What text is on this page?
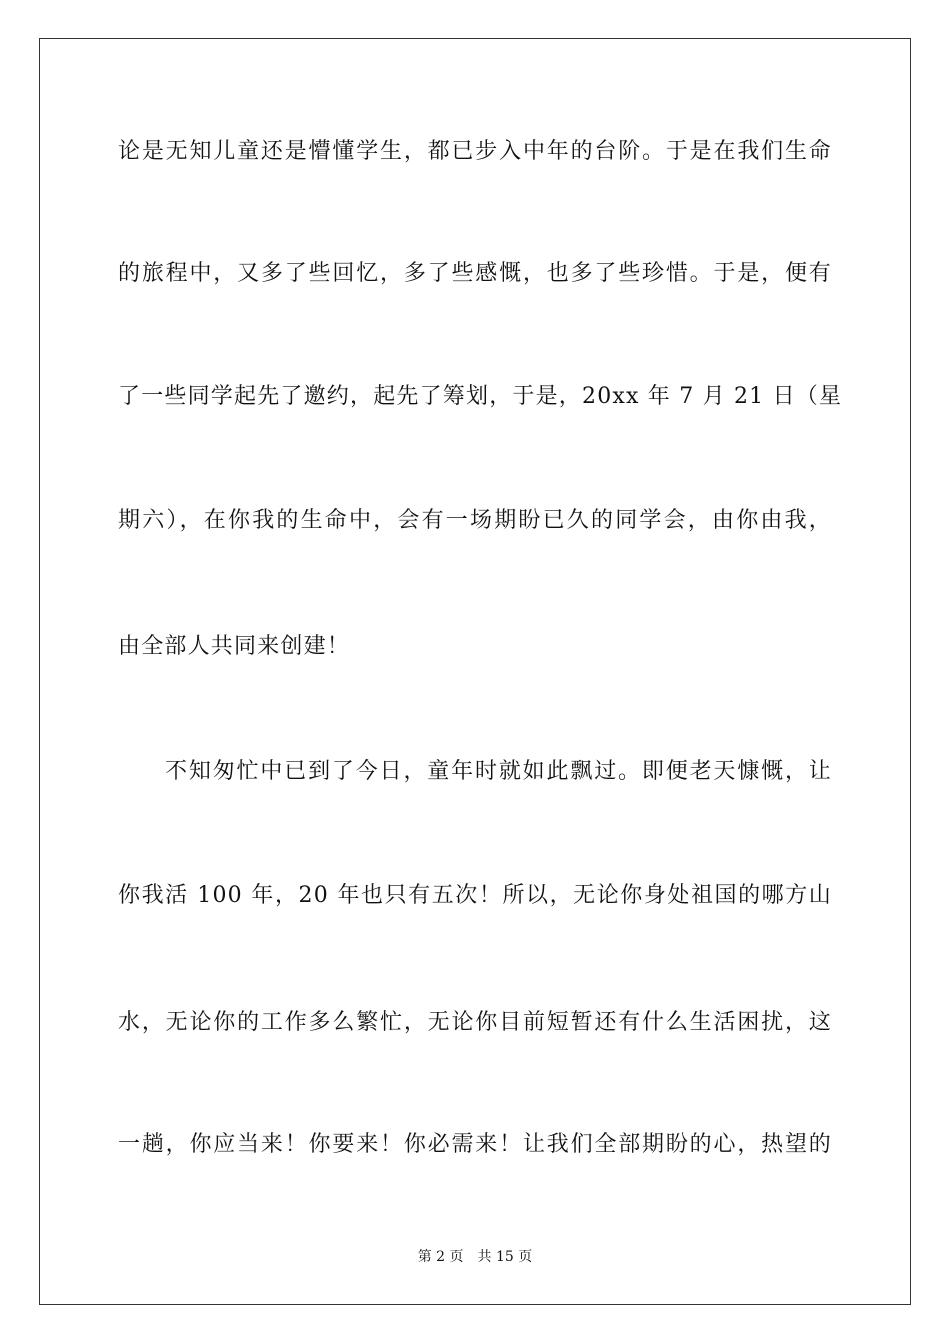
论是无知儿童还是懵懂学生，都已步入中年的台阶。于是在我们生命
的旅程中，又多了些回忆，多了些感慨，也多了些珍惜。于是，便有
了一些同学起先了邀约，起先了筹划，于是，20xx 年 7 月 21 日（星
期六），在你我的生命中，会有一场期盼已久的同学会，由你由我，
由全部人共同来创建！
不知匆忙中已到了今日，童年时就如此飘过。即便老天慷慨，让
你我活 100 年，20 年也只有五次！所以，无论你身处祖国的哪方山
水，无论你的工作多么繁忙，无论你目前短暂还有什么生活困扰，这
一趟，你应当来！你要来！你必需来！让我们全部期盼的心，热望的
第 2 页 共 15 页
